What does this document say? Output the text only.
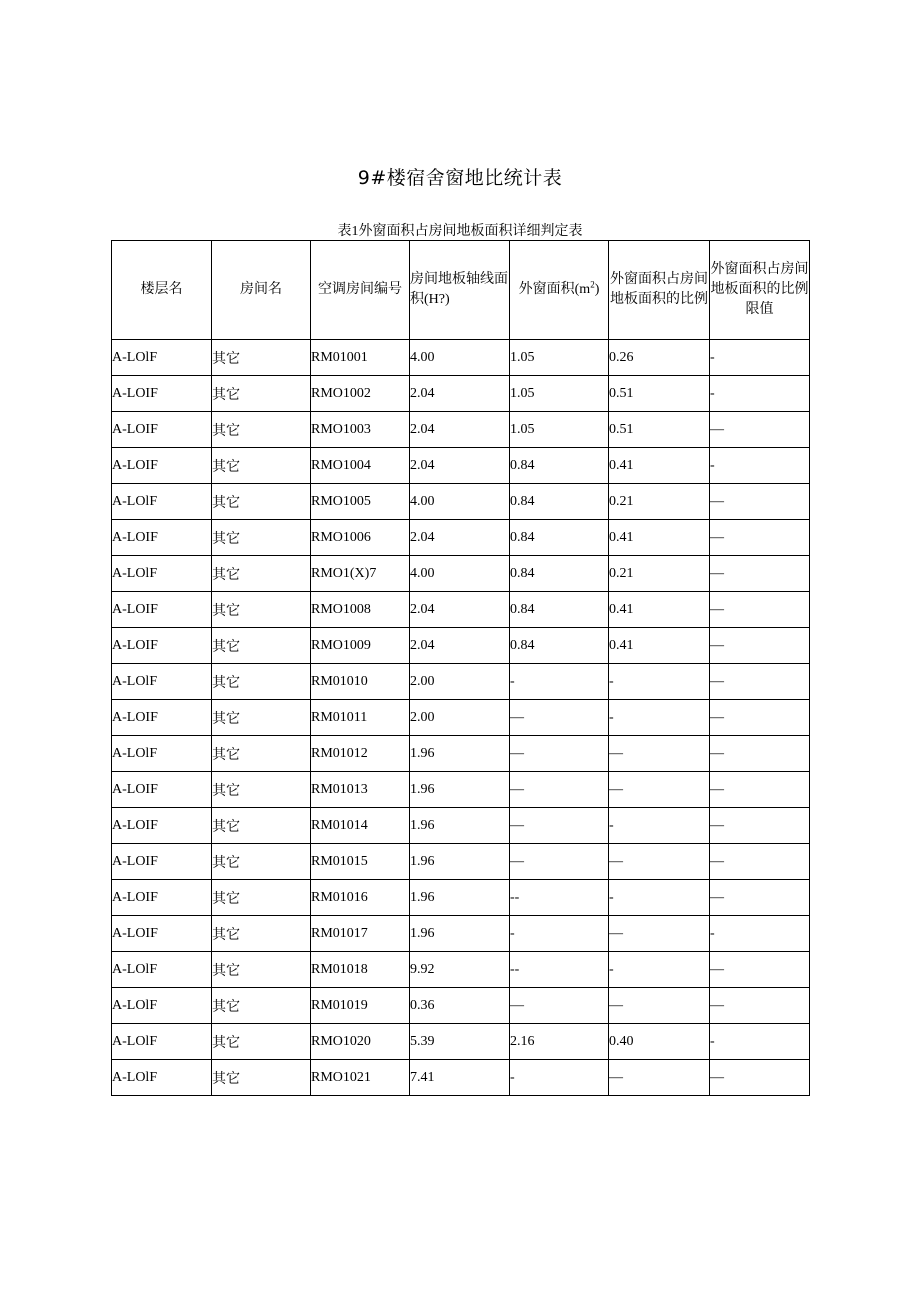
9#楼宿舍窗地比统计表
表1外窗面积占房间地板面积详细判定表
楼层名	房间名	空调房间编号	房间地板轴线面积(H?)	外窗面积$(m^2)$	外窗面积占房间地板面积的比例	外窗面积占房间地板面积的比例限值
A-LOlF	其它	RM01001	4.00	1.05	0.26	-
A-LOIF	其它	RMO1002	2.04	1.05	0.51	-
A-LOIF	其它	RMO1003	2.04	1.05	0.51	—
A-LOIF	其它	RMO1004	2.04	0.84	0.41	-
A-LOlF	其它	RMO1005	4.00	0.84	0.21	—
A-LOIF	其它	RMO1006	2.04	0.84	0.41	—
A-LOlF	其它	RMO1(X)7	4.00	0.84	0.21	—
A-LOIF	其它	RMO1008	2.04	0.84	0.41	—
A-LOIF	其它	RMO1009	2.04	0.84	0.41	—
A-LOlF	其它	RM01010	2.00	-	-	—
A-LOIF	其它	RM01011	2.00	—	-	—
A-LOlF	其它	RM01012	1.96	—	—	—
A-LOIF	其它	RM01013	1.96	—	—	—
A-LOIF	其它	RM01014	1.96	—	-	—
A-LOIF	其它	RM01015	1.96	—	—	—
A-LOIF	其它	RM01016	1.96	--	-	—
A-LOIF	其它	RM01017	1.96	-	—	-
A-LOlF	其它	RM01018	9.92	--	-	—
A-LOlF	其它	RM01019	0.36	—	—	—
A-LOlF	其它	RMO1020	5.39	2.16	0.40	-
A-LOlF	其它	RMO1021	7.41	-	—	—
